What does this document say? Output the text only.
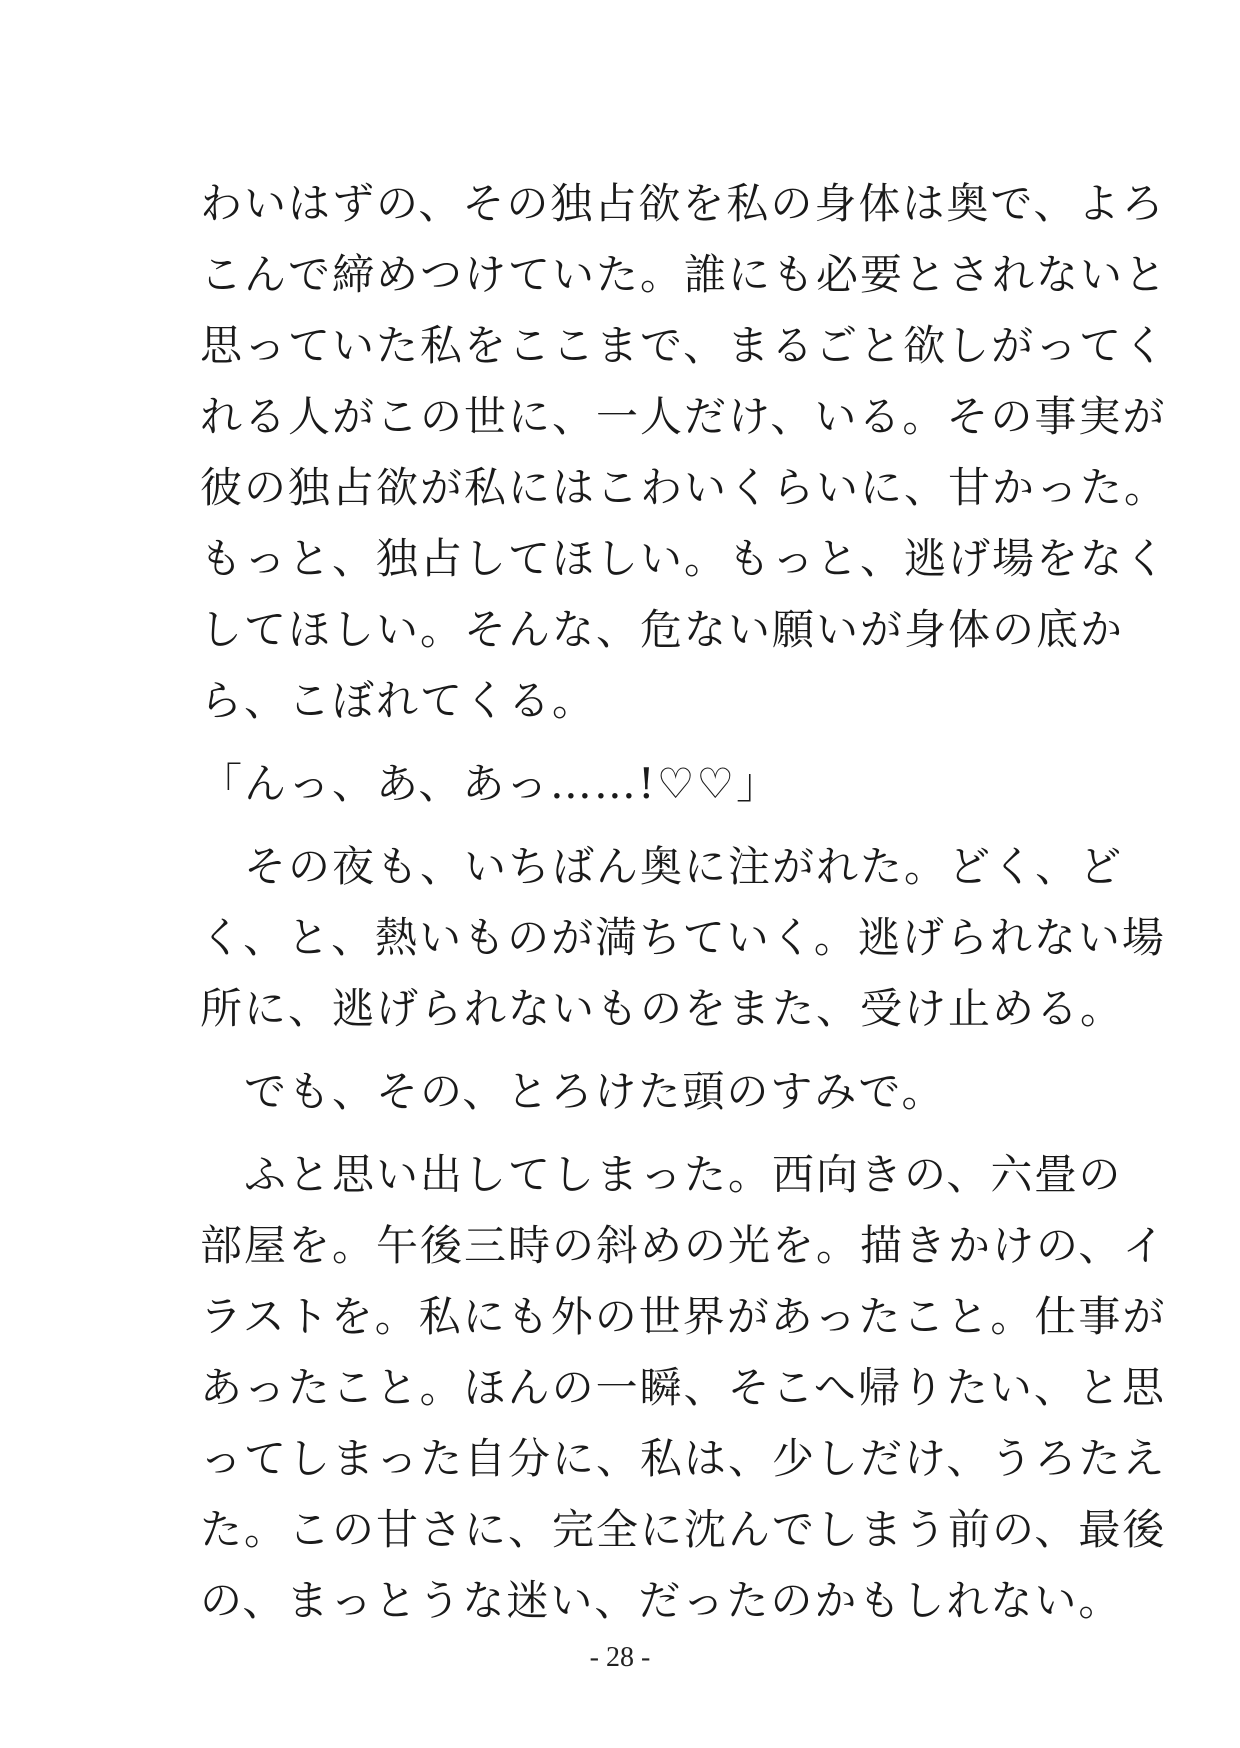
わいはずの、その独占欲を私の身体は奥で、よろ
こんで締めつけていた。誰にも必要とされないと
思っていた私をここまで、まるごと欲しがってく
れる人がこの世に、一人だけ、いる。その事実が
彼の独占欲が私にはこわいくらいに、甘かった。
もっと、独占してほしい。もっと、逃げ場をなく
してほしい。そんな、危ない願いが身体の底か
ら、こぼれてくる。
「んっ、あ、あっ……!♡♡」
　その夜も、いちばん奥に注がれた。どく、ど
く、と、熱いものが満ちていく。逃げられない場
所に、逃げられないものをまた、受け止める。
　でも、その、とろけた頭のすみで。
　ふと思い出してしまった。西向きの、六畳の
部屋を。午後三時の斜めの光を。描きかけの、イ
ラストを。私にも外の世界があったこと。仕事が
あったこと。ほんの一瞬、そこへ帰りたい、と思
ってしまった自分に、私は、少しだけ、うろたえ
た。この甘さに、完全に沈んでしまう前の、最後
の、まっとうな迷い、だったのかもしれない。
- 28 -
